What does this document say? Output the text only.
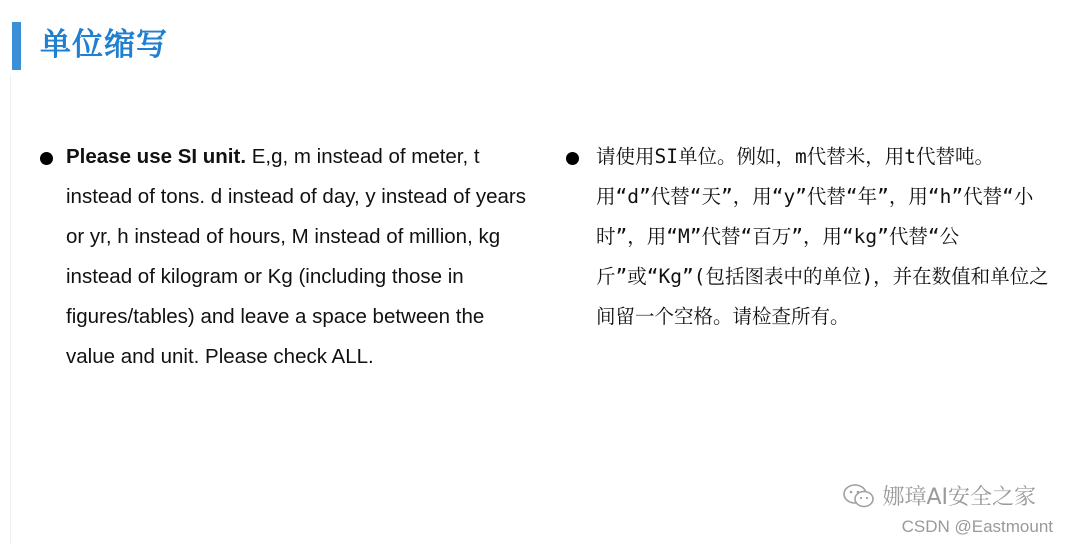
单位缩写
Please use SI unit. E,g, m instead of meter, t instead of tons. d instead of day, y instead of years or yr, h instead of hours, M instead of million, kg instead of kilogram or Kg (including those in figures/tables) and leave a space between the value and unit. Please check ALL.
请使用SI单位。例如，m代替米，用t代替吨。用“d”代替“天”，用“y”代替“年”，用“h”代替“小时”，用“M”代替“百万”，用“kg”代替“公斤”或“Kg”(包括图表中的单位)，并在数值和单位之间留一个空格。请检查所有。
娜璋AI安全之家
CSDN @Eastmount
